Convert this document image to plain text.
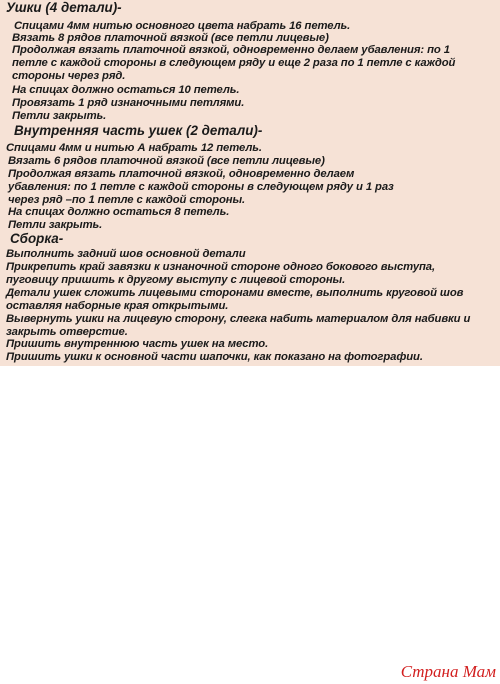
Ушки (4 детали)-
Спицами 4мм нитью основного цвета набрать 16 петель.
Вязать 8 рядов платочной вязкой (все петли лицевые)
Продолжая вязать платочной вязкой, одновременно делаем убавления: по 1
петле с каждой стороны в следующем ряду и еще 2 раза по 1 петле с каждой
стороны через ряд.
На спицах должно остаться 10 петель.
Провязать 1 ряд изнаночными петлями.
Петли закрыть.
Внутренняя часть ушек (2 детали)-
Спицами 4мм и нитью А набрать 12 петель.
Вязать 6 рядов платочной вязкой (все петли лицевые)
Продолжая вязать платочной вязкой, одновременно делаем
убавления: по 1 петле с каждой стороны в следующем ряду и 1 раз
через ряд –по 1 петле с каждой стороны.
На спицах должно остаться 8 петель.
Петли закрыть.
Сборка-
Выполнить задний шов основной детали
Прикрепить край завязки к изнаночной стороне одного бокового выступа,
пуговицу пришить к другому выступу с лицевой стороны.
Детали ушек сложить лицевыми сторонами вместе, выполнить круговой шов
оставляя наборные края открытыми.
Вывернуть ушки на лицевую сторону, слегка набить материалом для набивки и
закрыть отверстие.
Пришить внутреннюю часть ушек на место.
Пришить ушки к основной части шапочки, как показано на фотографии.
Страна Мам
